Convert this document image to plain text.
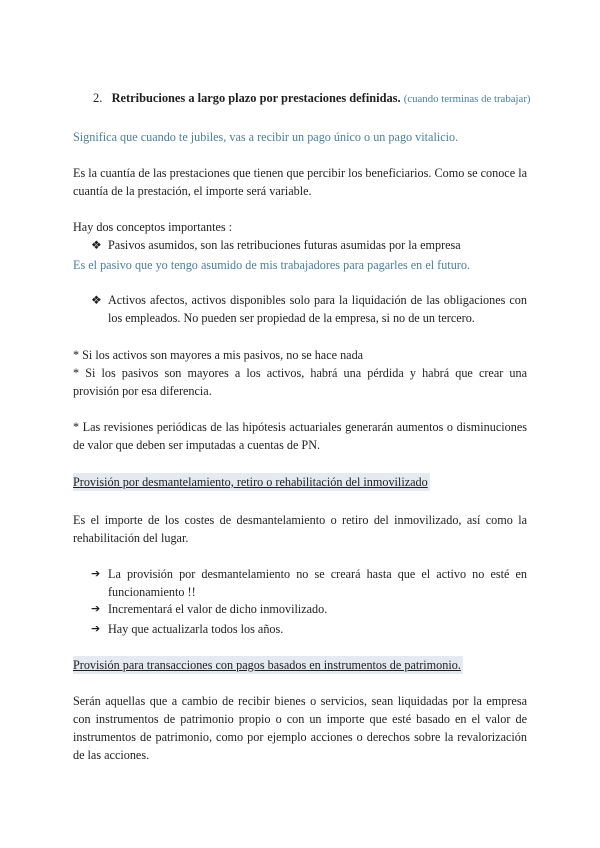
2. Retribuciones a largo plazo por prestaciones definidas. (cuando terminas de trabajar)

Significa que cuando te jubiles, vas a recibir un pago único o un pago vitalicio.

Es la cuantía de las prestaciones que tienen que percibir los beneficiarios. Como se conoce la cuantía de la prestación, el importe será variable.

Hay dos conceptos importantes :

❖ Pasivos asumidos, son las retribuciones futuras asumidas por la empresa

Es el pasivo que yo tengo asumido de mis trabajadores para pagarles en el futuro.

❖ Activos afectos, activos disponibles solo para la liquidación de las obligaciones con los empleados. No pueden ser propiedad de la empresa, si no de un tercero.

* Si los activos son mayores a mis pasivos, no se hace nada

* Si los pasivos son mayores a los activos, habrá una pérdida y habrá que crear una provisión por esa diferencia.

* Las revisiones periódicas de las hipótesis actuariales generarán aumentos o disminuciones de valor que deben ser imputadas a cuentas de PN.

Provisión por desmantelamiento, retiro o rehabilitación del inmovilizado

Es el importe de los costes de desmantelamiento o retiro del inmovilizado, así como la rehabilitación del lugar.

➔ La provisión por desmantelamiento no se creará hasta que el activo no esté en funcionamiento !!
➔ Incrementará el valor de dicho inmovilizado.
➔ Hay que actualizarla todos los años.
Provisión para transacciones con pagos basados en instrumentos de patrimonio.

Serán aquellas que a cambio de recibir bienes o servicios, sean liquidadas por la empresa con instrumentos de patrimonio propio o con un importe que esté basado en el valor de instrumentos de patrimonio, como por ejemplo acciones o derechos sobre la revalorización de las acciones.
